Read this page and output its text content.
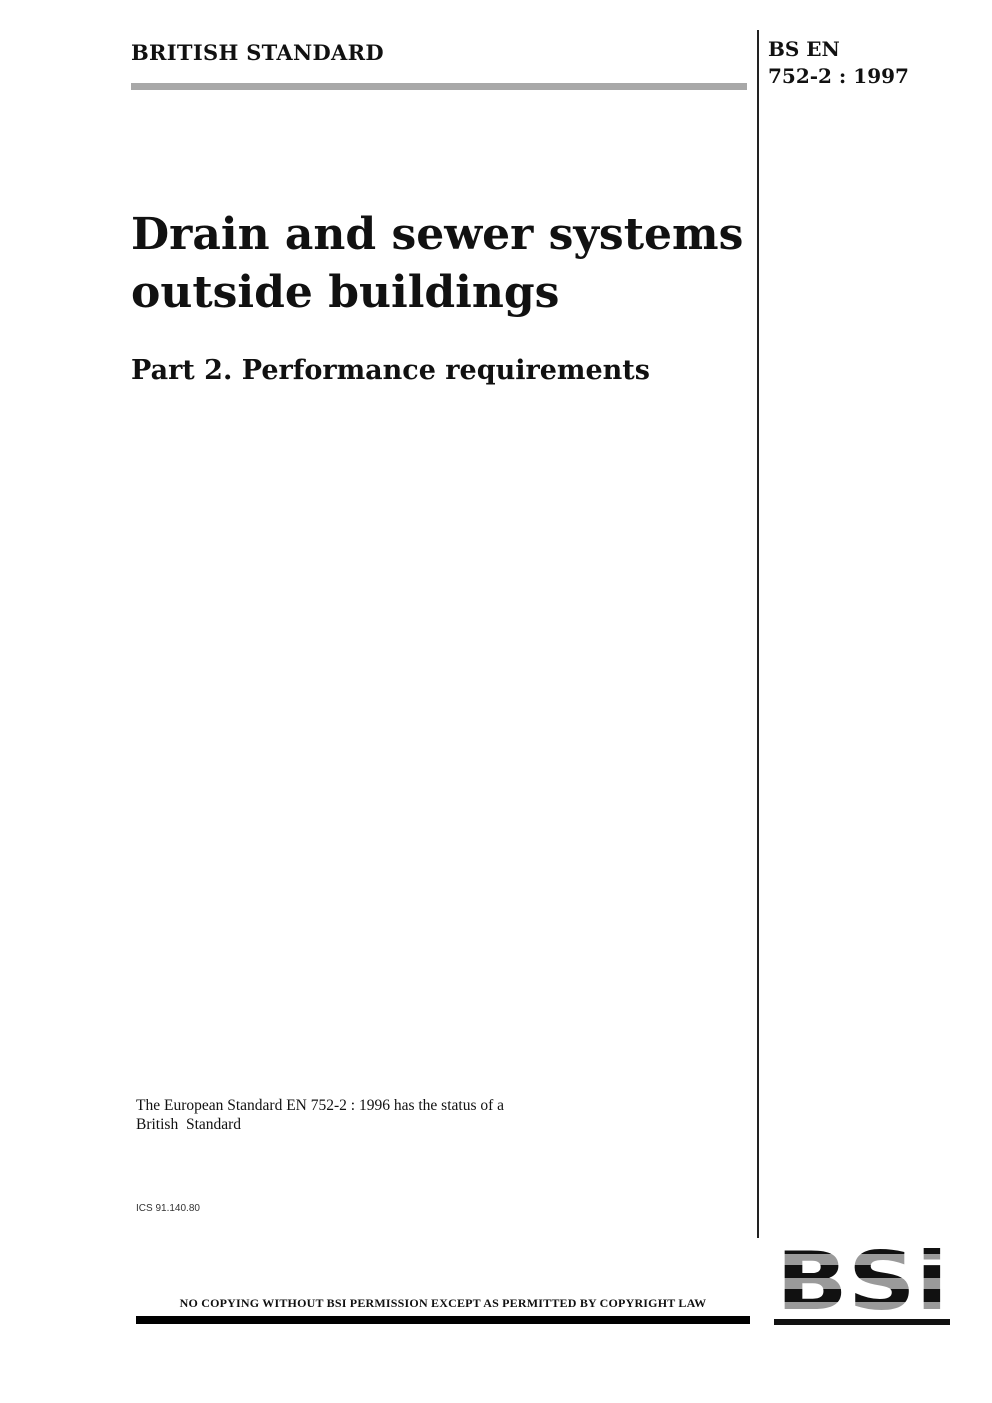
BRITISH STANDARD	BS EN
752-2 : 1997
Drain and sewer systems
outside buildings
Part 2. Performance requirements
The European Standard EN 752-2 : 1996 has the status of a
British  Standard
ICS 91.140.80
NO COPYING WITHOUT BSI PERMISSION EXCEPT AS PERMITTED BY COPYRIGHT LAW
